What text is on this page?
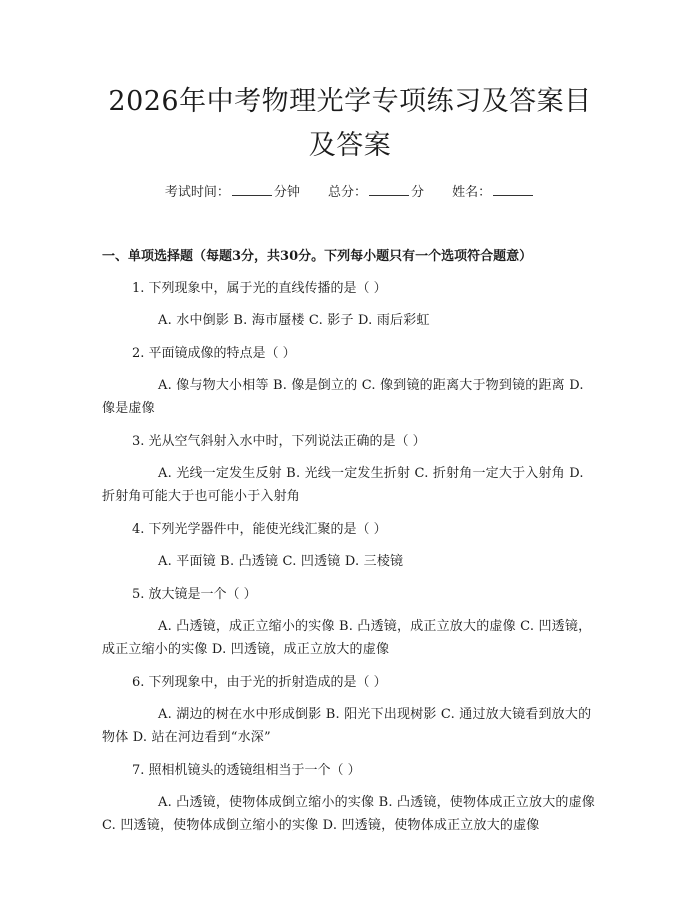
2026年中考物理光学专项练习及答案目及答案
考试时间：	分钟 总分：	分 姓名：
一、单项选择题（每题3分，共30分。下列每小题只有一个选项符合题意）
1. 下列现象中，属于光的直线传播的是（ ）
A. 水中倒影 B. 海市蜃楼 C. 影子 D. 雨后彩虹
2. 平面镜成像的特点是（ ）
A. 像与物大小相等 B. 像是倒立的 C. 像到镜的距离大于物到镜的距离 D. 像是虚像
3. 光从空气斜射入水中时，下列说法正确的是（ ）
A. 光线一定发生反射 B. 光线一定发生折射 C. 折射角一定大于入射角 D. 折射角可能大于也可能小于入射角
4. 下列光学器件中，能使光线汇聚的是（ ）
A. 平面镜 B. 凸透镜 C. 凹透镜 D. 三棱镜
5. 放大镜是一个（ ）
A. 凸透镜，成正立缩小的实像 B. 凸透镜，成正立放大的虚像 C. 凹透镜，成正立缩小的实像 D. 凹透镜，成正立放大的虚像
6. 下列现象中，由于光的折射造成的是（ ）
A. 湖边的树在水中形成倒影 B. 阳光下出现树影 C. 通过放大镜看到放大的物体 D. 站在河边看到“水深”
7. 照相机镜头的透镜组相当于一个（ ）
A. 凸透镜，使物体成倒立缩小的实像 B. 凸透镜，使物体成正立放大的虚像 C. 凹透镜，使物体成倒立缩小的实像 D. 凹透镜，使物体成正立放大的虚像
